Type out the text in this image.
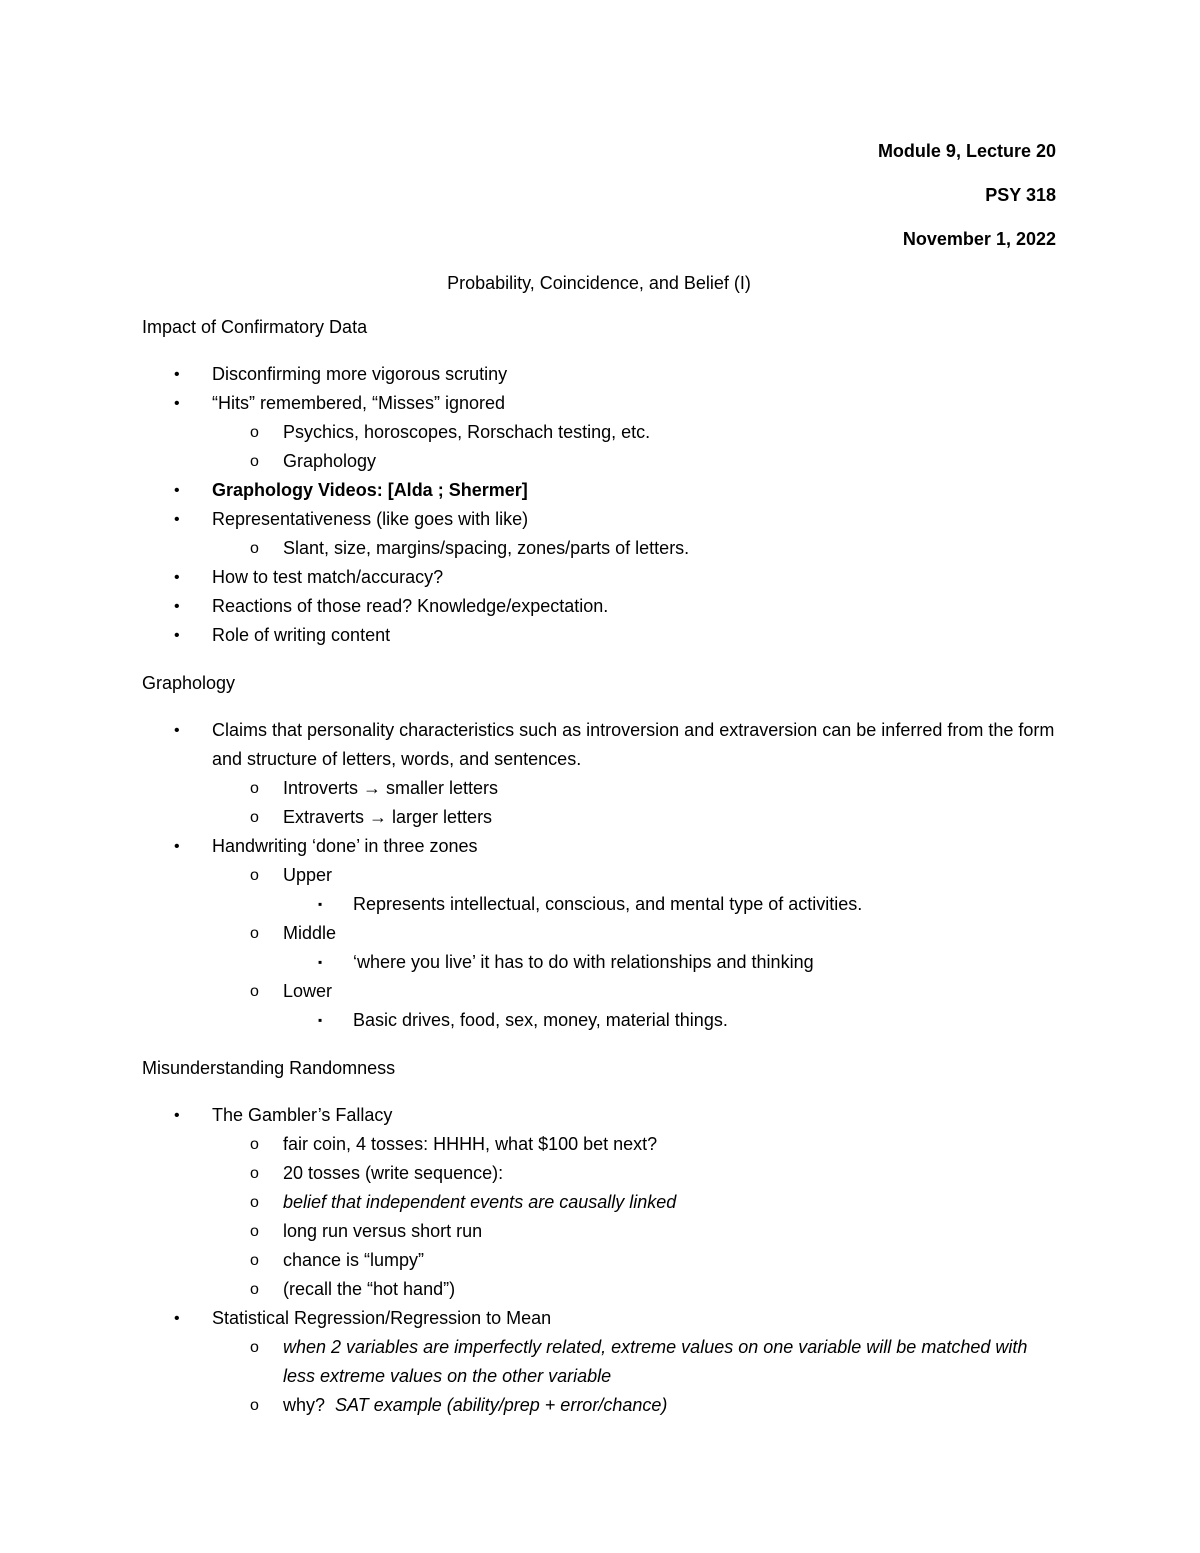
Module 9, Lecture 20
PSY 318
November 1, 2022
Probability, Coincidence, and Belief (I)
Impact of Confirmatory Data
• Disconfirming more vigorous scrutiny
• “Hits” remembered, “Misses” ignored
o Psychics, horoscopes, Rorschach testing, etc.
o Graphology
• Graphology Videos: [Alda ; Shermer]
• Representativeness (like goes with like)
o Slant, size, margins/spacing, zones/parts of letters.
• How to test match/accuracy?
• Reactions of those read? Knowledge/expectation.
• Role of writing content
Graphology
• Claims that personality characteristics such as introversion and extraversion can be inferred from the form and structure of letters, words, and sentences.
o Introverts → smaller letters
o Extraverts → larger letters
• Handwriting ‘done’ in three zones
o Upper
▪ Represents intellectual, conscious, and mental type of activities.
o Middle
▪ ‘where you live’ it has to do with relationships and thinking
o Lower
▪ Basic drives, food, sex, money, material things.
Misunderstanding Randomness
• The Gambler’s Fallacy
o fair coin, 4 tosses: HHHH, what $100 bet next?
o 20 tosses (write sequence):
o belief that independent events are causally linked
o long run versus short run
o chance is “lumpy”
o (recall the “hot hand”)
• Statistical Regression/Regression to Mean
o when 2 variables are imperfectly related, extreme values on one variable will be matched with less extreme values on the other variable
o why? SAT example (ability/prep + error/chance)
